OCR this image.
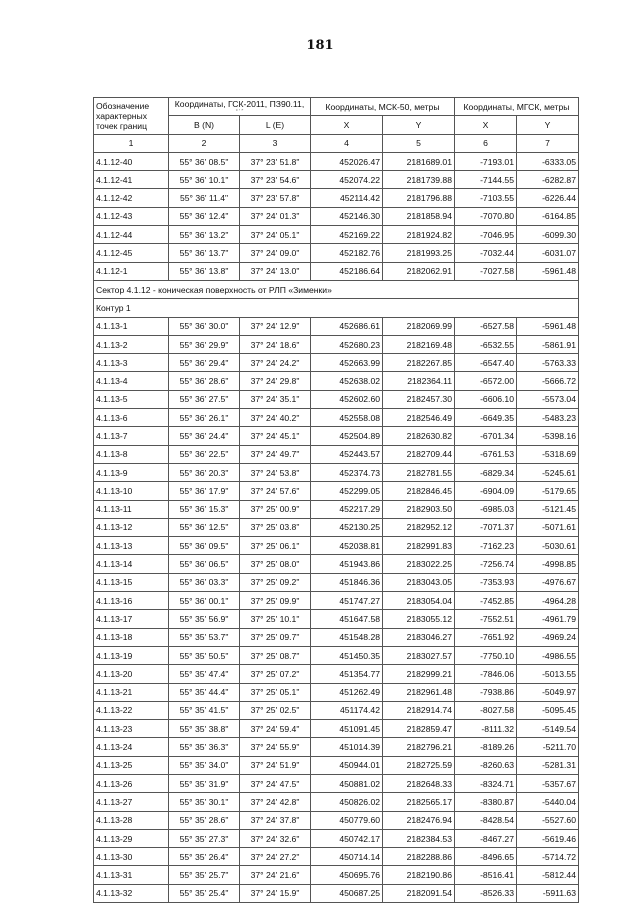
181
Обозначение характерных точек границ	Координаты, ГСК-2011, ПЗ90.11,
° ′ ″		Координаты, МСК-50, метры		Координаты, МГСК, метры	
	B (N)	L (E)	X	Y	X	Y
1	2	3	4	5	6	7
4.1.12-40	55° 36' 08.5"	37° 23' 51.8"	452026.47	2181689.01	-7193.01	-6333.05
4.1.12-41	55° 36' 10.1"	37° 23' 54.6"	452074.22	2181739.88	-7144.55	-6282.87
4.1.12-42	55° 36' 11.4"	37° 23' 57.8"	452114.42	2181796.88	-7103.55	-6226.44
4.1.12-43	55° 36' 12.4"	37° 24' 01.3"	452146.30	2181858.94	-7070.80	-6164.85
4.1.12-44	55° 36' 13.2"	37° 24' 05.1"	452169.22	2181924.82	-7046.95	-6099.30
4.1.12-45	55° 36' 13.7"	37° 24' 09.0"	452182.76	2181993.25	-7032.44	-6031.07
4.1.12-1	55° 36' 13.8"	37° 24' 13.0"	452186.64	2182062.91	-7027.58	-5961.48
Сектор 4.1.12 - коническая поверхность от РЛП «Зименки»						
Контур 1						
4.1.13-1	55° 36' 30.0"	37° 24' 12.9"	452686.61	2182069.99	-6527.58	-5961.48
4.1.13-2	55° 36' 29.9"	37° 24' 18.6"	452680.23	2182169.48	-6532.55	-5861.91
4.1.13-3	55° 36' 29.4"	37° 24' 24.2"	452663.99	2182267.85	-6547.40	-5763.33
4.1.13-4	55° 36' 28.6"	37° 24' 29.8"	452638.02	2182364.11	-6572.00	-5666.72
4.1.13-5	55° 36' 27.5"	37° 24' 35.1"	452602.60	2182457.30	-6606.10	-5573.04
4.1.13-6	55° 36' 26.1"	37° 24' 40.2"	452558.08	2182546.49	-6649.35	-5483.23
4.1.13-7	55° 36' 24.4"	37° 24' 45.1"	452504.89	2182630.82	-6701.34	-5398.16
4.1.13-8	55° 36' 22.5"	37° 24' 49.7"	452443.57	2182709.44	-6761.53	-5318.69
4.1.13-9	55° 36' 20.3"	37° 24' 53.8"	452374.73	2182781.55	-6829.34	-5245.61
4.1.13-10	55° 36' 17.9"	37° 24' 57.6"	452299.05	2182846.45	-6904.09	-5179.65
4.1.13-11	55° 36' 15.3"	37° 25' 00.9"	452217.29	2182903.50	-6985.03	-5121.45
4.1.13-12	55° 36' 12.5"	37° 25' 03.8"	452130.25	2182952.12	-7071.37	-5071.61
4.1.13-13	55° 36' 09.5"	37° 25' 06.1"	452038.81	2182991.83	-7162.23	-5030.61
4.1.13-14	55° 36' 06.5"	37° 25' 08.0"	451943.86	2183022.25	-7256.74	-4998.85
4.1.13-15	55° 36' 03.3"	37° 25' 09.2"	451846.36	2183043.05	-7353.93	-4976.67
4.1.13-16	55° 36' 00.1"	37° 25' 09.9"	451747.27	2183054.04	-7452.85	-4964.28
4.1.13-17	55° 35' 56.9"	37° 25' 10.1"	451647.58	2183055.12	-7552.51	-4961.79
4.1.13-18	55° 35' 53.7"	37° 25' 09.7"	451548.28	2183046.27	-7651.92	-4969.24
4.1.13-19	55° 35' 50.5"	37° 25' 08.7"	451450.35	2183027.57	-7750.10	-4986.55
4.1.13-20	55° 35' 47.4"	37° 25' 07.2"	451354.77	2182999.21	-7846.06	-5013.55
4.1.13-21	55° 35' 44.4"	37° 25' 05.1"	451262.49	2182961.48	-7938.86	-5049.97
4.1.13-22	55° 35' 41.5"	37° 25' 02.5"	451174.42	2182914.74	-8027.58	-5095.45
4.1.13-23	55° 35' 38.8"	37° 24' 59.4"	451091.45	2182859.47	-8111.32	-5149.54
4.1.13-24	55° 35' 36.3"	37° 24' 55.9"	451014.39	2182796.21	-8189.26	-5211.70
4.1.13-25	55° 35' 34.0"	37° 24' 51.9"	450944.01	2182725.59	-8260.63	-5281.31
4.1.13-26	55° 35' 31.9"	37° 24' 47.5"	450881.02	2182648.33	-8324.71	-5357.67
4.1.13-27	55° 35' 30.1"	37° 24' 42.8"	450826.02	2182565.17	-8380.87	-5440.04
4.1.13-28	55° 35' 28.6"	37° 24' 37.8"	450779.60	2182476.94	-8428.54	-5527.60
4.1.13-29	55° 35' 27.3"	37° 24' 32.6"	450742.17	2182384.53	-8467.27	-5619.46
4.1.13-30	55° 35' 26.4"	37° 24' 27.2"	450714.14	2182288.86	-8496.65	-5714.72
4.1.13-31	55° 35' 25.7"	37° 24' 21.6"	450695.76	2182190.86	-8516.41	-5812.44
4.1.13-32	55° 35' 25.4"	37° 24' 15.9"	450687.25	2182091.54	-8526.33	-5911.63
